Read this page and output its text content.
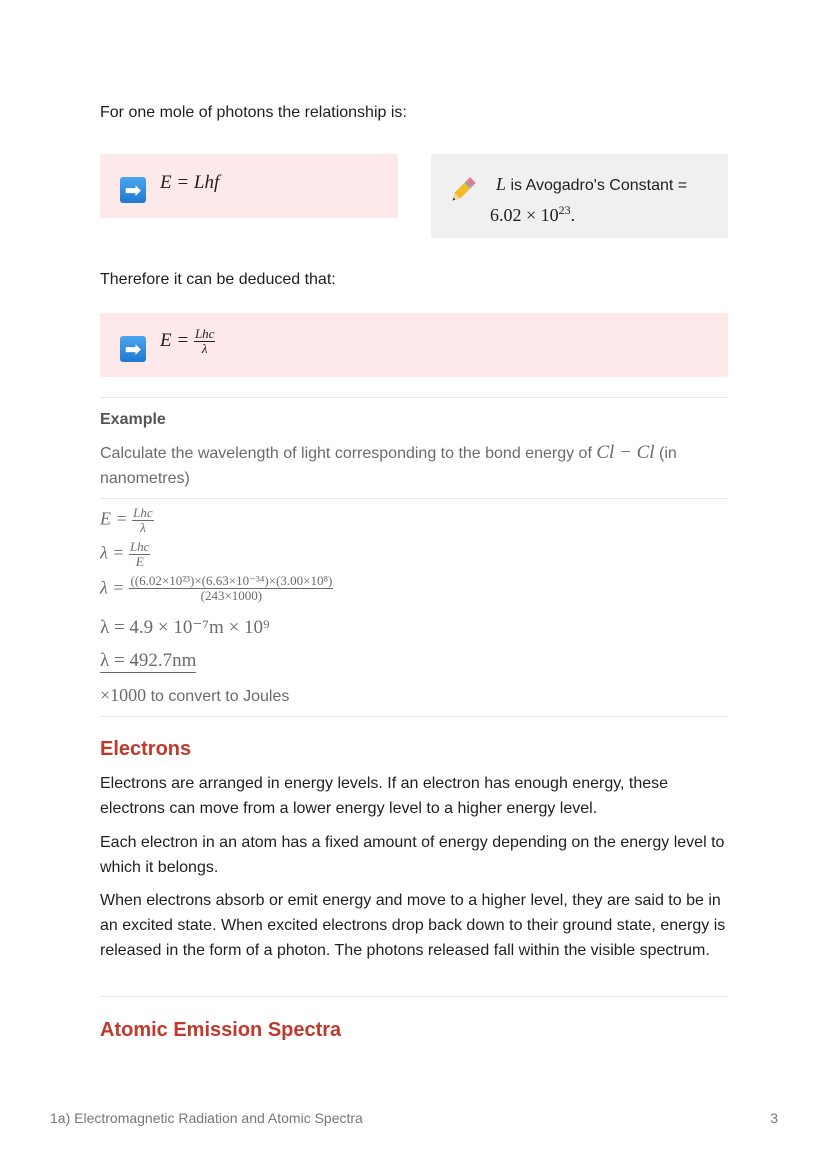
For one mole of photons the relationship is:

➡ E = Lhf	L is Avogadro's Constant =
$6.02 \times 10^{23}$.

Therefore it can be deduced that:

➡ $E = \frac{\text{Lhc}}{\lambda}$

Example

Calculate the wavelength of light corresponding to the bond energy of Cl − Cl (in nanometres)

$E = \frac{\text{Lhc}}{\lambda}$
$\lambda = \frac{\text{Lhc}}{E}$
$\lambda = \frac{\text{((6.02×10²³)×(6.63×10⁻³⁴)×(3.00×10⁸)}}{(243\times 1000)}$
λ = 4.9 × 10⁻⁷m × 10⁹
λ = 492.7nm

×1000 to convert to Joules

Electrons

Electrons are arranged in energy levels. If an electron has enough energy, these electrons can move from a lower energy level to a higher energy level.

Each electron in an atom has a fixed amount of energy depending on the energy level to which it belongs.

When electrons absorb or emit energy and move to a higher level, they are said to be in an excited state. When excited electrons drop back down to their ground state, energy is released in the form of a photon. The photons released fall within the visible spectrum.

Atomic Emission Spectra
1a) Electromagnetic Radiation and Atomic Spectra	3
